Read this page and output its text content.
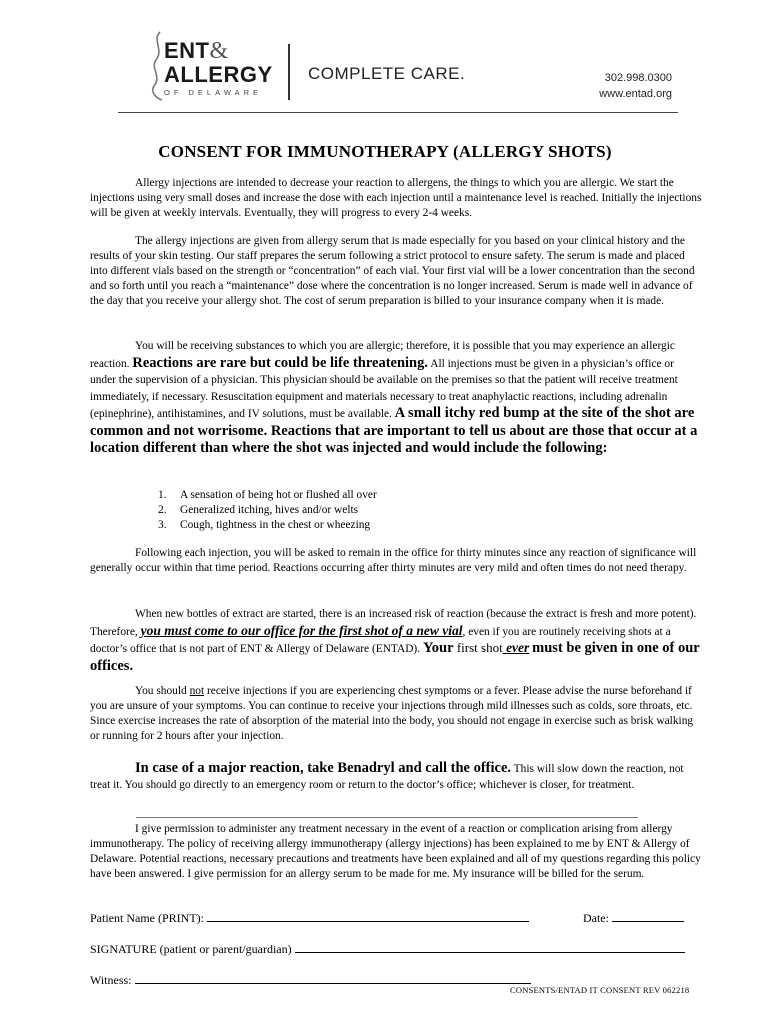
ENT&
ALLERGY
OF DELAWARE
COMPLETE CARE.	302.998.0300
www.entad.org
CONSENT FOR IMMUNOTHERAPY (ALLERGY SHOTS)

Allergy injections are intended to decrease your reaction to allergens, the things to which you are allergic. We start the injections using very small doses and increase the dose with each injection until a maintenance level is reached. Initially the injections will be given at weekly intervals. Eventually, they will progress to every 2-4 weeks.

The allergy injections are given from allergy serum that is made especially for you based on your clinical history and the results of your skin testing. Our staff prepares the serum following a strict protocol to ensure safety. The serum is made and placed into different vials based on the strength or “concentration” of each vial. Your first vial will be a lower concentration than the second and so forth until you reach a “maintenance” dose where the concentration is no longer increased. Serum is made well in advance of the day that you receive your allergy shot. The cost of serum preparation is billed to your insurance company when it is made.

You will be receiving substances to which you are allergic; therefore, it is possible that you may experience an allergic reaction. Reactions are rare but could be life threatening. All injections must be given in a physician’s office or under the supervision of a physician. This physician should be available on the premises so that the patient will receive treatment immediately, if necessary. Resuscitation equipment and materials necessary to treat anaphylactic reactions, including adrenalin (epinephrine), antihistamines, and IV solutions, must be available. A small itchy red bump at the site of the shot are common and not worrisome. Reactions that are important to tell us about are those that occur at a location different than where the shot was injected and would include the following:

1. A sensation of being hot or flushed all over
2. Generalized itching, hives and/or welts
3. Cough, tightness in the chest or wheezing

Following each injection, you will be asked to remain in the office for thirty minutes since any reaction of significance will generally occur within that time period. Reactions occurring after thirty minutes are very mild and often times do not need therapy.

When new bottles of extract are started, there is an increased risk of reaction (because the extract is fresh and more potent). Therefore, you must come to our office for the first shot of a new vial, even if you are routinely receiving shots at a doctor’s office that is not part of ENT & Allergy of Delaware (ENTAD). Your first shot ever must be given in one of our offices.

You should not receive injections if you are experiencing chest symptoms or a fever. Please advise the nurse beforehand if you are unsure of your symptoms. You can continue to receive your injections through mild illnesses such as colds, sore throats, etc. Since exercise increases the rate of absorption of the material into the body, you should not engage in exercise such as brisk walking or running for 2 hours after your injection.

In case of a major reaction, take Benadryl and call the office. This will slow down the reaction, not treat it. You should go directly to an emergency room or return to the doctor’s office; whichever is closer, for treatment.

I give permission to administer any treatment necessary in the event of a reaction or complication arising from allergy immunotherapy. The policy of receiving allergy immunotherapy (allergy injections) has been explained to me by ENT & Allergy of Delaware. Potential reactions, necessary precautions and treatments have been explained and all of my questions regarding this policy have been answered. I give permission for an allergy serum to be made for me. My insurance will be billed for the serum.

Patient Name (PRINT):	Date:
SIGNATURE (patient or parent/guardian)
Witness:
CONSENTS/ENTAD IT CONSENT REV 062218
